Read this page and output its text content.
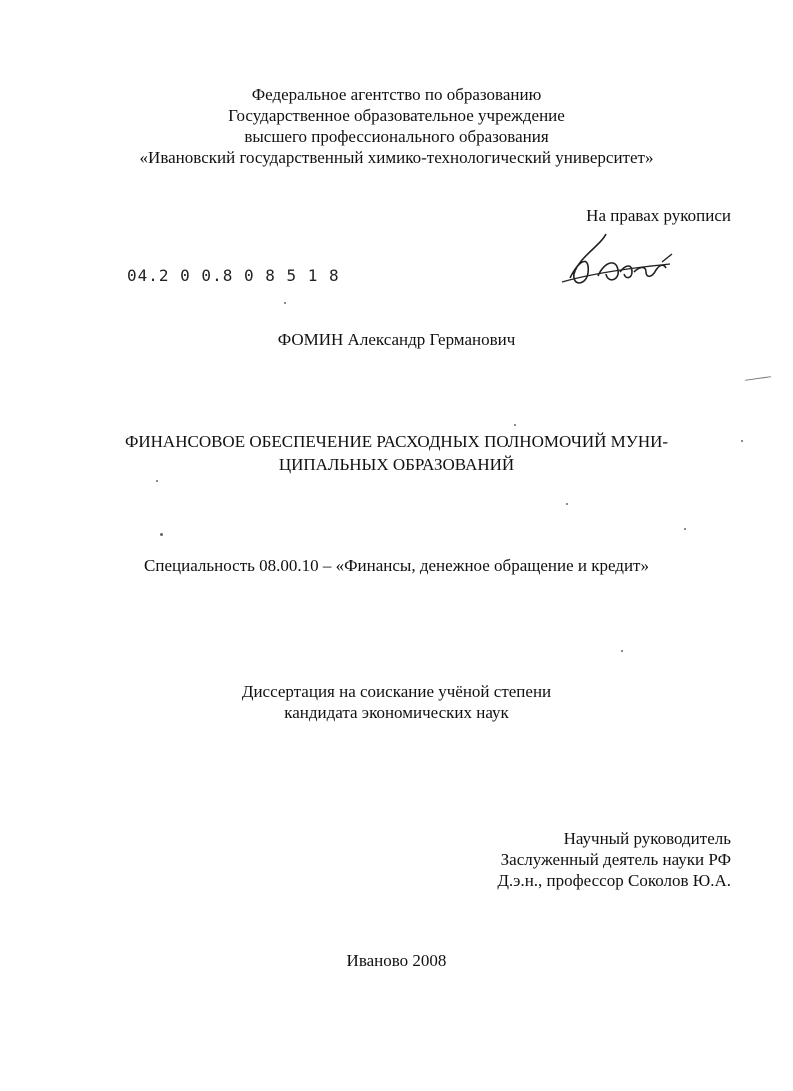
Федеральное агентство по образованию
Государственное образовательное учреждение
высшего профессионального образования
«Ивановский государственный химико-технологический университет»
На правах рукописи
04.2 0 0.8 0 8 5 1 8
ФОМИН Александр Германович
ФИНАНСОВОЕ ОБЕСПЕЧЕНИЕ РАСХОДНЫХ ПОЛНОМОЧИЙ МУНИ-
ЦИПАЛЬНЫХ ОБРАЗОВАНИЙ
Специальность 08.00.10 – «Финансы, денежное обращение и кредит»
Диссертация на соискание учёной степени
кандидата экономических наук
Научный руководитель
Заслуженный деятель науки РФ
Д.э.н., профессор Соколов Ю.А.
Иваново 2008
